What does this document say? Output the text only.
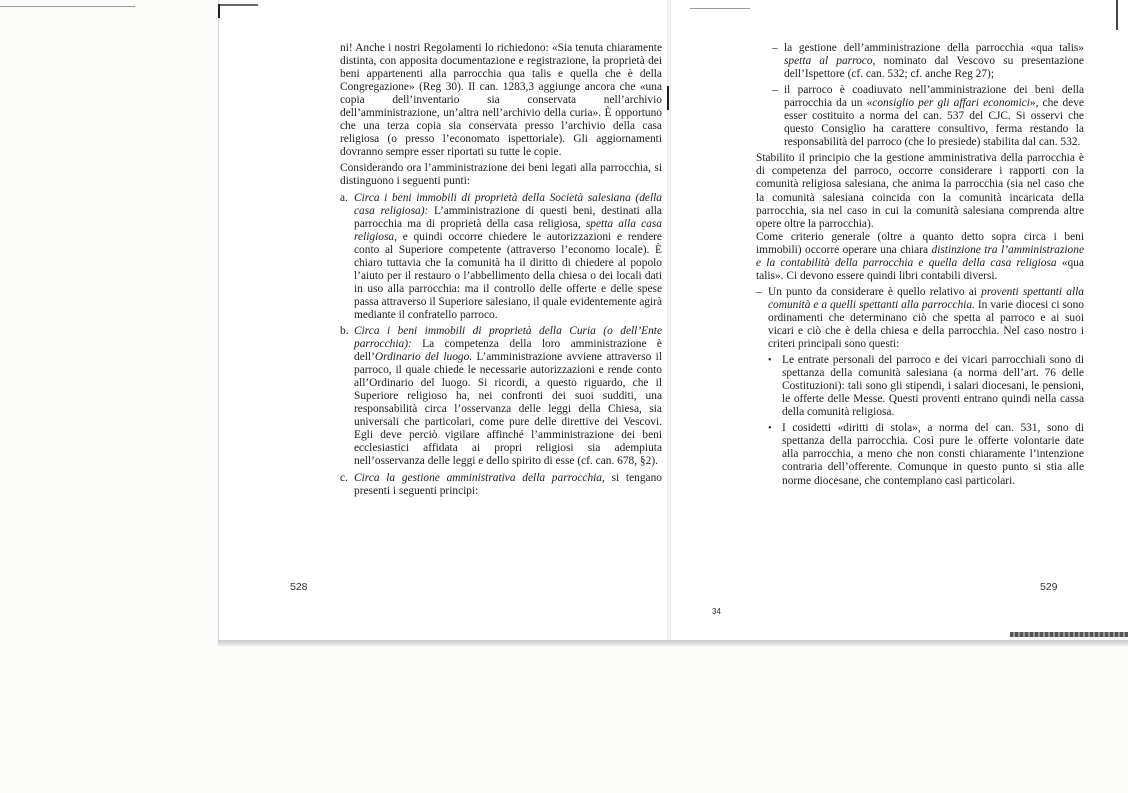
ni! Anche i nostri Regolamenti lo richiedono: «Sia tenuta chiaramente distinta, con apposita documentazione e registrazione, la proprietà dei beni appartenenti alla parrocchia qua talis e quella che è della Congregazione» (Reg 30). Il can. 1283,3 aggiunge ancora che «una copia dell’inventario sia conservata nell’archivio dell’amministrazione, un’altra nell’archivio della curia». È opportuno che una terza copia sia conservata presso l’archivio della casa religiosa (o presso l’economato ispettoriale). Gli aggiornamenti dovranno sempre esser riportati su tutte le copie.

Considerando ora l’amministrazione dei beni legati alla parrocchia, si distinguono i seguenti punti:

a. Circa i beni immobili di proprietà della Società salesiana (della casa religiosa): L’amministrazione di questi beni, destinati alla parrocchia ma di proprietà della casa religiosa, spetta alla casa religiosa, e quindi occorre chiedere le autorizzazioni e rendere conto al Superiore competente (attraverso l’economo locale). È chiaro tuttavia che la comunità ha il diritto di chiedere al popolo l’aiuto per il restauro o l’abbellimento della chiesa o dei locali dati in uso alla parrocchia: ma il controllo delle offerte e delle spese passa attraverso il Superiore salesiano, il quale evidentemente agirà mediante il confratello parroco.

b. Circa i beni immobili di proprietà della Curia (o dell’Ente parrocchia): La competenza della loro amministrazione è dell’Ordinario del luogo. L’amministrazione avviene attraverso il parroco, il quale chiede le necessarie autorizzazioni e rende conto all’Ordinario del luogo. Si ricordi, a questo riguardo, che il Superiore religioso ha, nei confronti dei suoi sudditi, una responsabilità circa l’osservanza delle leggi della Chiesa, sia universali che particolari, come pure delle direttive dei Vescovi. Egli deve perciò vigilare affinché l’amministrazione dei beni ecclesiastici affidata ai propri religiosi sia adempiuta nell’osservanza delle leggi e dello spirito di esse (cf. can. 678, §2).

c. Circa la gestione amministrativa della parrocchia, si tengano presenti i seguenti principi:

– la gestione dell’amministrazione della parrocchia «qua talis» spetta al parroco, nominato dal Vescovo su presentazione dell’Ispettore (cf. can. 532; cf. anche Reg 27);

– il parroco è coadiuvato nell’amministrazione dei beni della parrocchia da un «consiglio per gli affari economici», che deve esser costituito a norma del can. 537 del CJC. Si osservi che questo Consiglio ha carattere consultivo, ferma restando la responsabilità del parroco (che lo presiede) stabilita dal can. 532.

Stabilito il principio che la gestione amministrativa della parrocchia è di competenza del parroco, occorre considerare i rapporti con la comunità religiosa salesiana, che anima la parrocchia (sia nel caso che la comunità salesiana coincida con la comunità incaricata della parrocchia, sia nel caso in cui la comunità salesiana comprenda altre opere oltre la parrocchia).

Come criterio generale (oltre a quanto detto sopra circa i beni immobili) occorre operare una chiara distinzione tra l’amministrazione e la contabilità della parrocchia e quella della casa religiosa «qua talis». Ci devono essere quindi libri contabili diversi.

– Un punto da considerare è quello relativo ai proventi spettanti alla comunità e a quelli spettanti alla parrocchia. In varie diocesi ci sono ordinamenti che determinano ciò che spetta al parroco e ai suoi vicari e ciò che è della chiesa e della parrocchia. Nel caso nostro i criteri principali sono questi:

• Le entrate personali del parroco e dei vicari parrocchiali sono di spettanza della comunità salesiana (a norma dell’art. 76 delle Costituzioni): tali sono gli stipendi, i salari diocesani, le pensioni, le offerte delle Messe. Questi proventi entrano quindi nella cassa della comunità religiosa.

• I cosidetti «diritti di stola», a norma del can. 531, sono di spettanza della parrocchia. Così pure le offerte volontarie date alla parrocchia, a meno che non consti chiaramente l’intenzione contraria dell’offerente. Comunque in questo punto si stia alle norme diocesane, che contemplano casi particolari.

528	529
34
